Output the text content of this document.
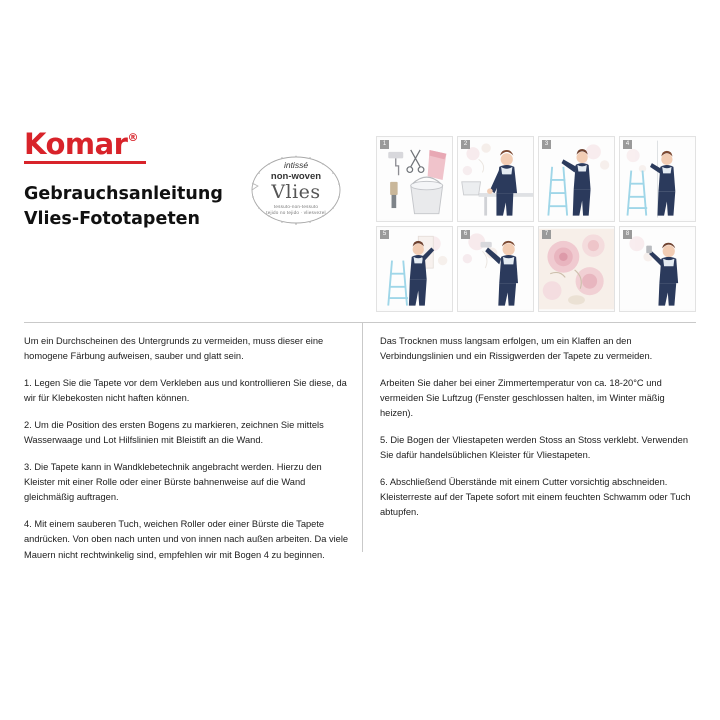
Komar®
Gebrauchsanleitung
Vlies-Fototapeten
intissé
non-woven
Vlies
tessuto-non-tessuto
tejido no tejido · vliesvezel
1	2	3	4
5	6	7	8

Um ein Durchscheinen des Untergrunds zu vermeiden, muss dieser eine homogene Färbung aufweisen, sauber und glatt sein.

1. Legen Sie die Tapete vor dem Verkleben aus und kontrollieren Sie diese, da wir für Klebekosten nicht haften können.

2. Um die Position des ersten Bogens zu markieren, zeichnen Sie mittels Wasserwaage und Lot Hilfslinien mit Bleistift an die Wand.

3. Die Tapete kann in Wandklebetechnik angebracht werden. Hierzu den Kleister mit einer Rolle oder einer Bürste bahnenweise auf die Wand gleichmäßig auftragen.

4. Mit einem sauberen Tuch, weichen Roller oder einer Bürste die Tapete andrücken. Von oben nach unten und von innen nach außen arbeiten. Da viele Mauern nicht rechtwinkelig sind, empfehlen wir mit Bogen 4 zu beginnen.

Das Trocknen muss langsam erfolgen, um ein Klaffen an den Verbindungslinien und ein Rissigwerden der Tapete zu vermeiden.

Arbeiten Sie daher bei einer Zimmertemperatur von ca. 18-20°C und vermeiden Sie Luftzug (Fenster geschlossen halten, im Winter mäßig heizen).

5. Die Bogen der Vliestapeten werden Stoss an Stoss verklebt. Verwenden Sie dafür handelsüblichen Kleister für Vliestapeten.

6. Abschließend Überstände mit einem Cutter vorsichtig abschneiden. Kleisterreste auf der Tapete sofort mit einem feuchten Schwamm oder Tuch abtupfen.
